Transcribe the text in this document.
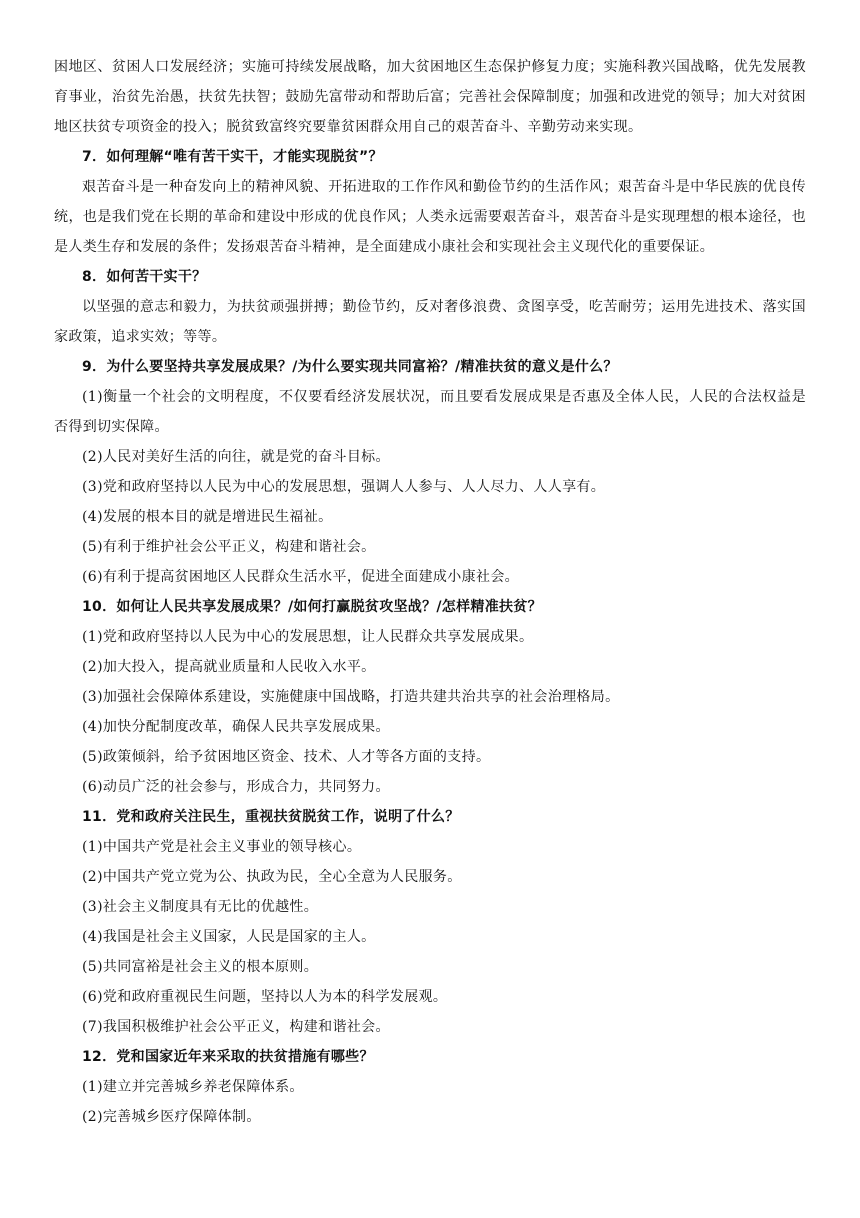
困地区、贫困人口发展经济；实施可持续发展战略，加大贫困地区生态保护修复力度；实施科教兴国战略，优先发展教育事业，治贫先治愚，扶贫先扶智；鼓励先富带动和帮助后富；完善社会保障制度；加强和改进党的领导；加大对贫困地区扶贫专项资金的投入；脱贫致富终究要靠贫困群众用自己的艰苦奋斗、辛勤劳动来实现。

7．如何理解“唯有苦干实干，才能实现脱贫”？

艰苦奋斗是一种奋发向上的精神风貌、开拓进取的工作作风和勤俭节约的生活作风；艰苦奋斗是中华民族的优良传统，也是我们党在长期的革命和建设中形成的优良作风；人类永远需要艰苦奋斗，艰苦奋斗是实现理想的根本途径，也是人类生存和发展的条件；发扬艰苦奋斗精神，是全面建成小康社会和实现社会主义现代化的重要保证。

8．如何苦干实干？

以坚强的意志和毅力，为扶贫顽强拼搏；勤俭节约，反对奢侈浪费、贪图享受，吃苦耐劳；运用先进技术、落实国家政策，追求实效；等等。

9．为什么要坚持共享发展成果？/为什么要实现共同富裕？/精准扶贫的意义是什么？

(1)衡量一个社会的文明程度，不仅要看经济发展状况，而且要看发展成果是否惠及全体人民，人民的合法权益是否得到切实保障。

(2)人民对美好生活的向往，就是党的奋斗目标。

(3)党和政府坚持以人民为中心的发展思想，强调人人参与、人人尽力、人人享有。

(4)发展的根本目的就是增进民生福祉。

(5)有利于维护社会公平正义，构建和谐社会。

(6)有利于提高贫困地区人民群众生活水平，促进全面建成小康社会。

10．如何让人民共享发展成果？/如何打赢脱贫攻坚战？/怎样精准扶贫？

(1)党和政府坚持以人民为中心的发展思想，让人民群众共享发展成果。

(2)加大投入，提高就业质量和人民收入水平。

(3)加强社会保障体系建设，实施健康中国战略，打造共建共治共享的社会治理格局。

(4)加快分配制度改革，确保人民共享发展成果。

(5)政策倾斜，给予贫困地区资金、技术、人才等各方面的支持。

(6)动员广泛的社会参与，形成合力，共同努力。

11．党和政府关注民生，重视扶贫脱贫工作，说明了什么？

(1)中国共产党是社会主义事业的领导核心。

(2)中国共产党立党为公、执政为民，全心全意为人民服务。

(3)社会主义制度具有无比的优越性。

(4)我国是社会主义国家，人民是国家的主人。

(5)共同富裕是社会主义的根本原则。

(6)党和政府重视民生问题，坚持以人为本的科学发展观。

(7)我国积极维护社会公平正义，构建和谐社会。

12．党和国家近年来采取的扶贫措施有哪些？

(1)建立并完善城乡养老保障体系。

(2)完善城乡医疗保障体制。
